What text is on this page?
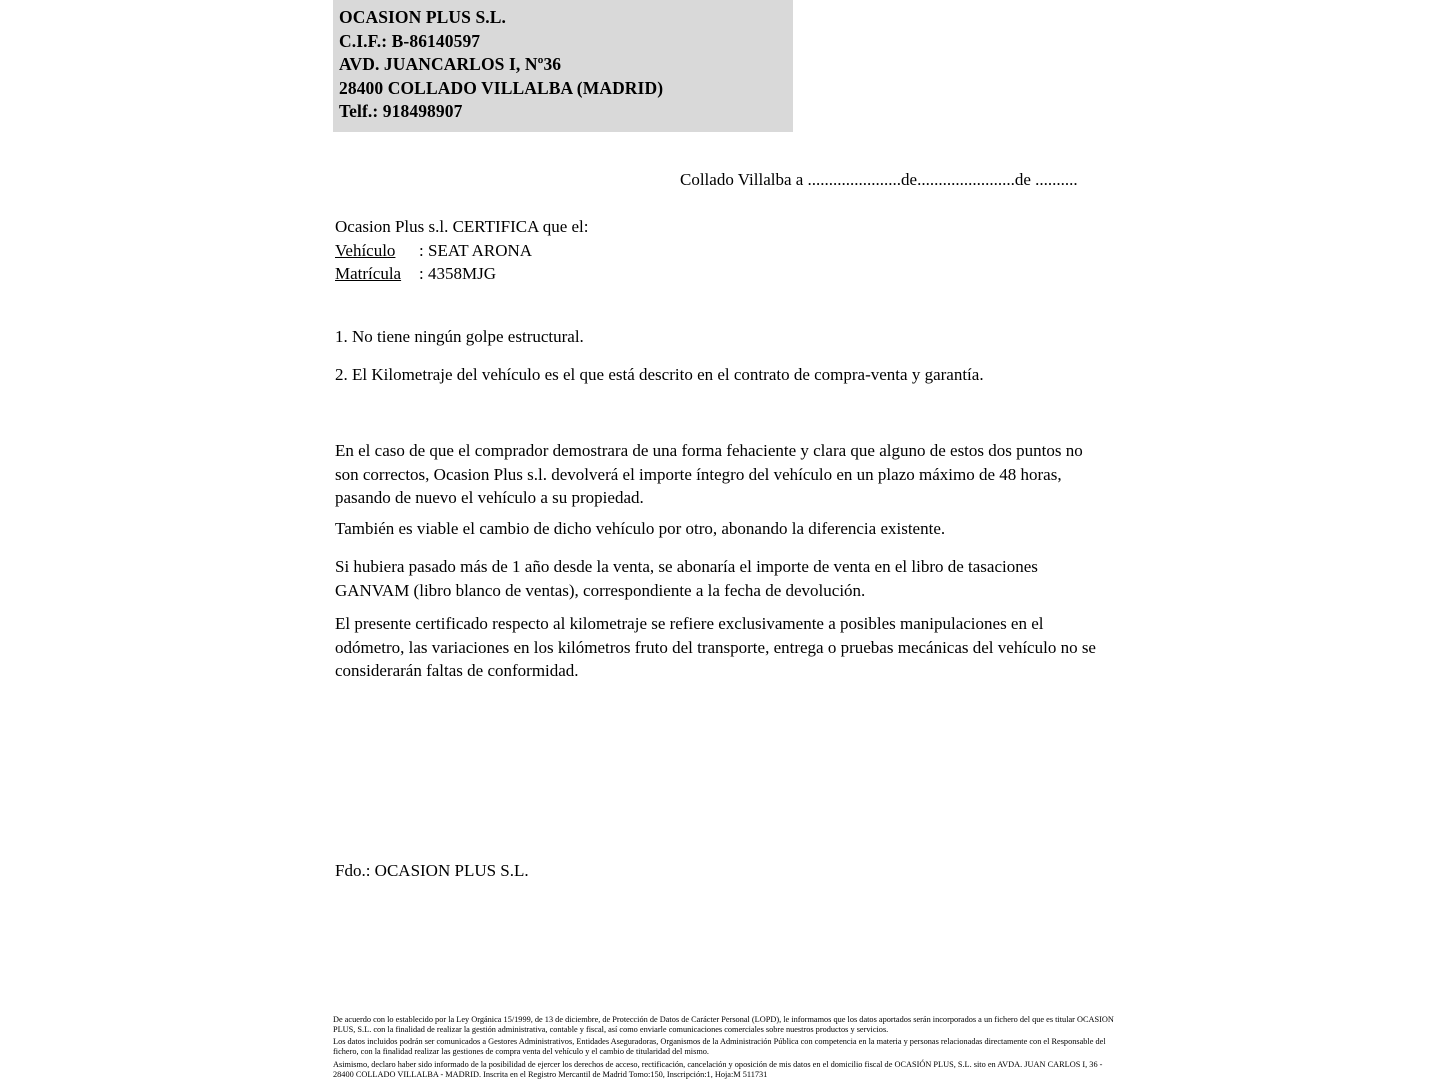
OCASION PLUS S.L.
C.I.F.: B-86140597
AVD. JUANCARLOS I, Nº36
28400 COLLADO VILLALBA (MADRID)
Telf.: 918498907
Collado Villalba a ......................de.......................de ..........
Ocasion Plus s.l. CERTIFICA que el:
Vehículo : SEAT ARONA
Matrícula : 4358MJG
1. No tiene ningún golpe estructural.
2. El Kilometraje del vehículo es el que está descrito en el contrato de compra-venta y garantía.
En el caso de que el comprador demostrara de una forma fehaciente y clara que alguno de estos dos puntos no son correctos, Ocasion Plus s.l. devolverá el importe íntegro del vehículo en un plazo máximo de 48 horas, pasando de nuevo el vehículo a su propiedad.
También es viable el cambio de dicho vehículo por otro, abonando la diferencia existente.
Si hubiera pasado más de 1 año desde la venta, se abonaría el importe de venta en el libro de tasaciones GANVAM (libro blanco de ventas), correspondiente a la fecha de devolución.
El presente certificado respecto al kilometraje se refiere exclusivamente a posibles manipulaciones en el odómetro, las variaciones en los kilómetros fruto del transporte, entrega o pruebas mecánicas del vehículo no se considerarán faltas de conformidad.
Fdo.: OCASION PLUS S.L.

De acuerdo con lo establecido por la Ley Orgánica 15/1999, de 13 de diciembre, de Protección de Datos de Carácter Personal (LOPD), le informamos que los datos aportados serán incorporados a un fichero del que es titular OCASION PLUS, S.L. con la finalidad de realizar la gestión administrativa, contable y fiscal, así como enviarle comunicaciones comerciales sobre nuestros productos y servicios.

Los datos incluidos podrán ser comunicados a Gestores Administrativos, Entidades Aseguradoras, Organismos de la Administración Pública con competencia en la materia y personas relacionadas directamente con el Responsable del fichero, con la finalidad realizar las gestiones de compra venta del vehículo y el cambio de titularidad del mismo.

Asimismo, declaro haber sido informado de la posibilidad de ejercer los derechos de acceso, rectificación, cancelación y oposición de mis datos en el domicilio fiscal de OCASIÓN PLUS, S.L. sito en AVDA. JUAN CARLOS I, 36 - 28400 COLLADO VILLALBA - MADRID. Inscrita en el Registro Mercantil de Madrid Tomo:150, Inscripción:1, Hoja:M 511731
